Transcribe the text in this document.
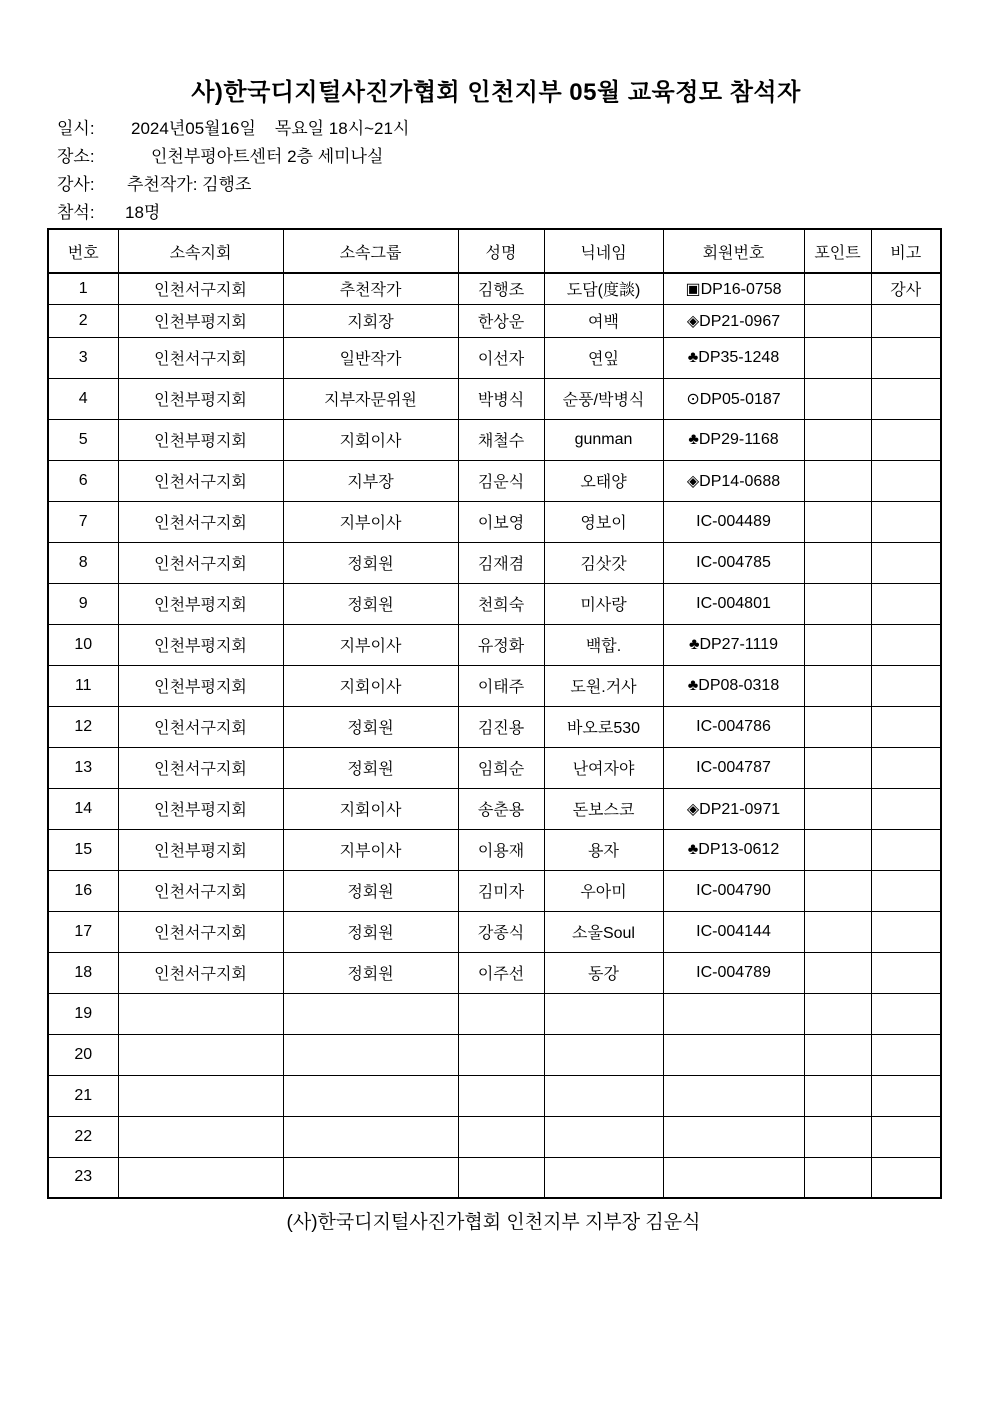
사)한국디지털사진가협회 인천지부 05월 교육정모 참석자
일시:	2024년05월16일    목요일 18시~21시
장소:	인천부평아트센터 2층 세미나실
강사:	추천작가: 김행조
참석:	18명
번호	소속지회	소속그룹	성명	닉네임	회원번호	포인트	비고
1	인천서구지회	추천작가	김행조	도담(度談)	▣DP16-0758		강사
2	인천부평지회	지회장	한상운	여백	◈DP21-0967		
3	인천서구지회	일반작가	이선자	연잎	♣DP35-1248		
4	인천부평지회	지부자문위원	박병식	순풍/박병식	⊙DP05-0187		
5	인천부평지회	지회이사	채철수	gunman	♣DP29-1168		
6	인천서구지회	지부장	김운식	오태양	◈DP14-0688		
7	인천서구지회	지부이사	이보영	영보이	IC-004489		
8	인천서구지회	정회원	김재겸	김삿갓	IC-004785		
9	인천부평지회	정회원	천희숙	미사랑	IC-004801		
10	인천부평지회	지부이사	유정화	백합.	♣DP27-1119		
11	인천부평지회	지회이사	이태주	도원.거사	♣DP08-0318		
12	인천서구지회	정회원	김진용	바오로530	IC-004786		
13	인천서구지회	정회원	임희순	난여자야	IC-004787		
14	인천부평지회	지회이사	송춘용	돈보스코	◈DP21-0971		
15	인천부평지회	지부이사	이용재	용자	♣DP13-0612		
16	인천서구지회	정회원	김미자	우아미	IC-004790		
17	인천서구지회	정회원	강종식	소울Soul	IC-004144		
18	인천서구지회	정회원	이주선	동강	IC-004789		
19							
20							
21							
22							
23							
(사)한국디지털사진가협회 인천지부 지부장 김운식
